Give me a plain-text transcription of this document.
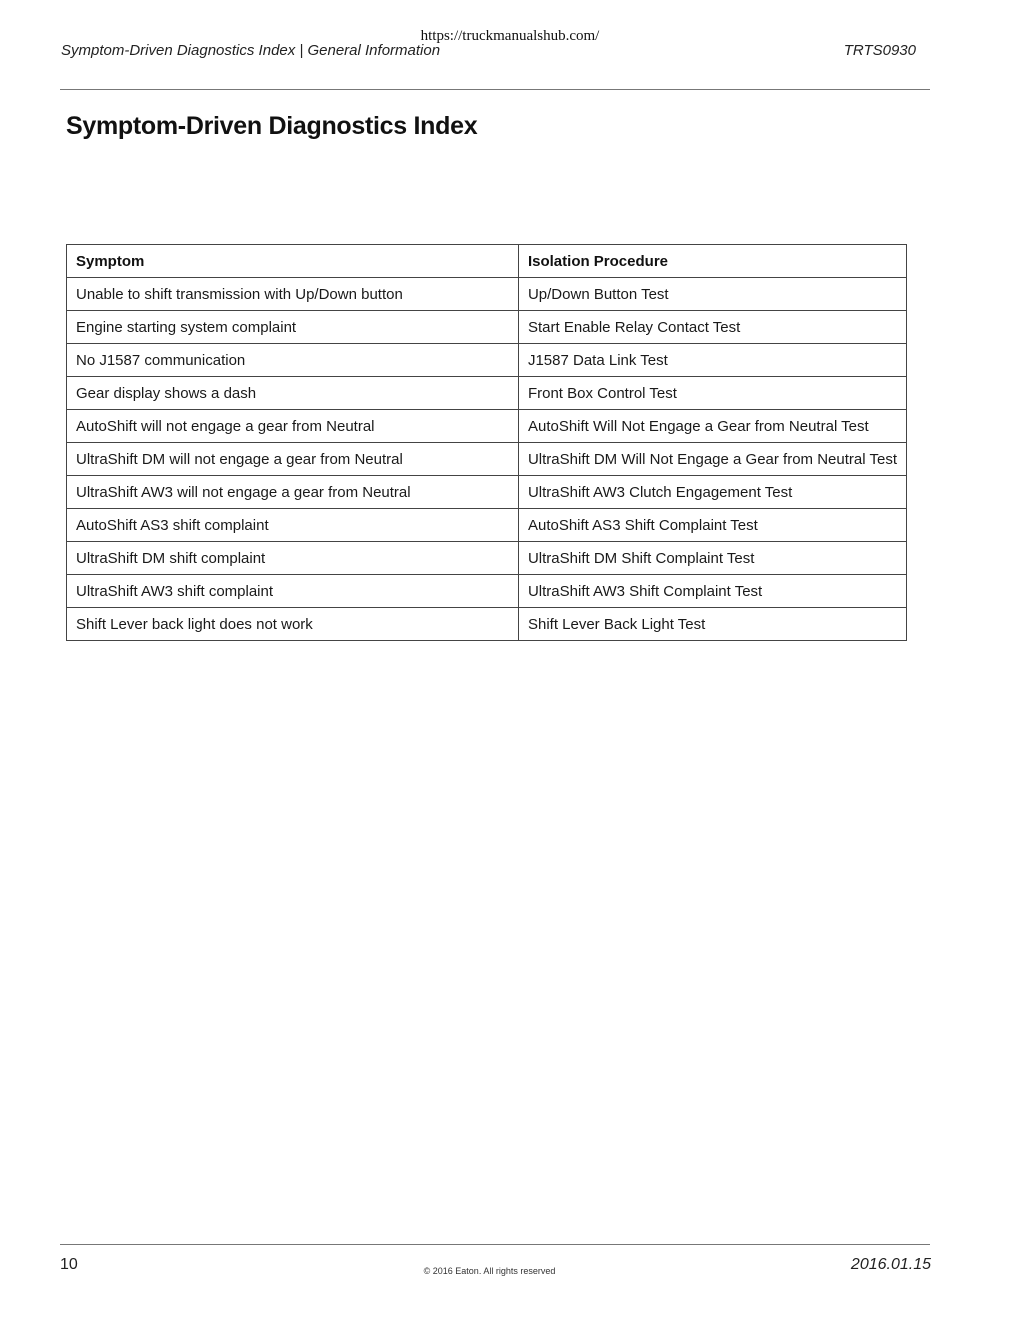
https://truckmanualshub.com/
Symptom-Driven Diagnostics Index | General Information	TRTS0930
Symptom-Driven Diagnostics Index
Symptom	Isolation Procedure
Unable to shift transmission with Up/Down button	Up/Down Button Test
Engine starting system complaint	Start Enable Relay Contact Test
No J1587 communication	J1587 Data Link Test
Gear display shows a dash	Front Box Control Test
AutoShift will not engage a gear from Neutral	AutoShift Will Not Engage a Gear from Neutral Test
UltraShift DM will not engage a gear from Neutral	UltraShift DM Will Not Engage a Gear from Neutral Test
UltraShift AW3 will not engage a gear from Neutral	UltraShift AW3 Clutch Engagement Test
AutoShift AS3 shift complaint	AutoShift AS3 Shift Complaint Test
UltraShift DM shift complaint	UltraShift DM Shift Complaint Test
UltraShift AW3 shift complaint	UltraShift AW3 Shift Complaint Test
Shift Lever back light does not work	Shift Lever Back Light Test
10	© 2016 Eaton. All rights reserved	2016.01.15
